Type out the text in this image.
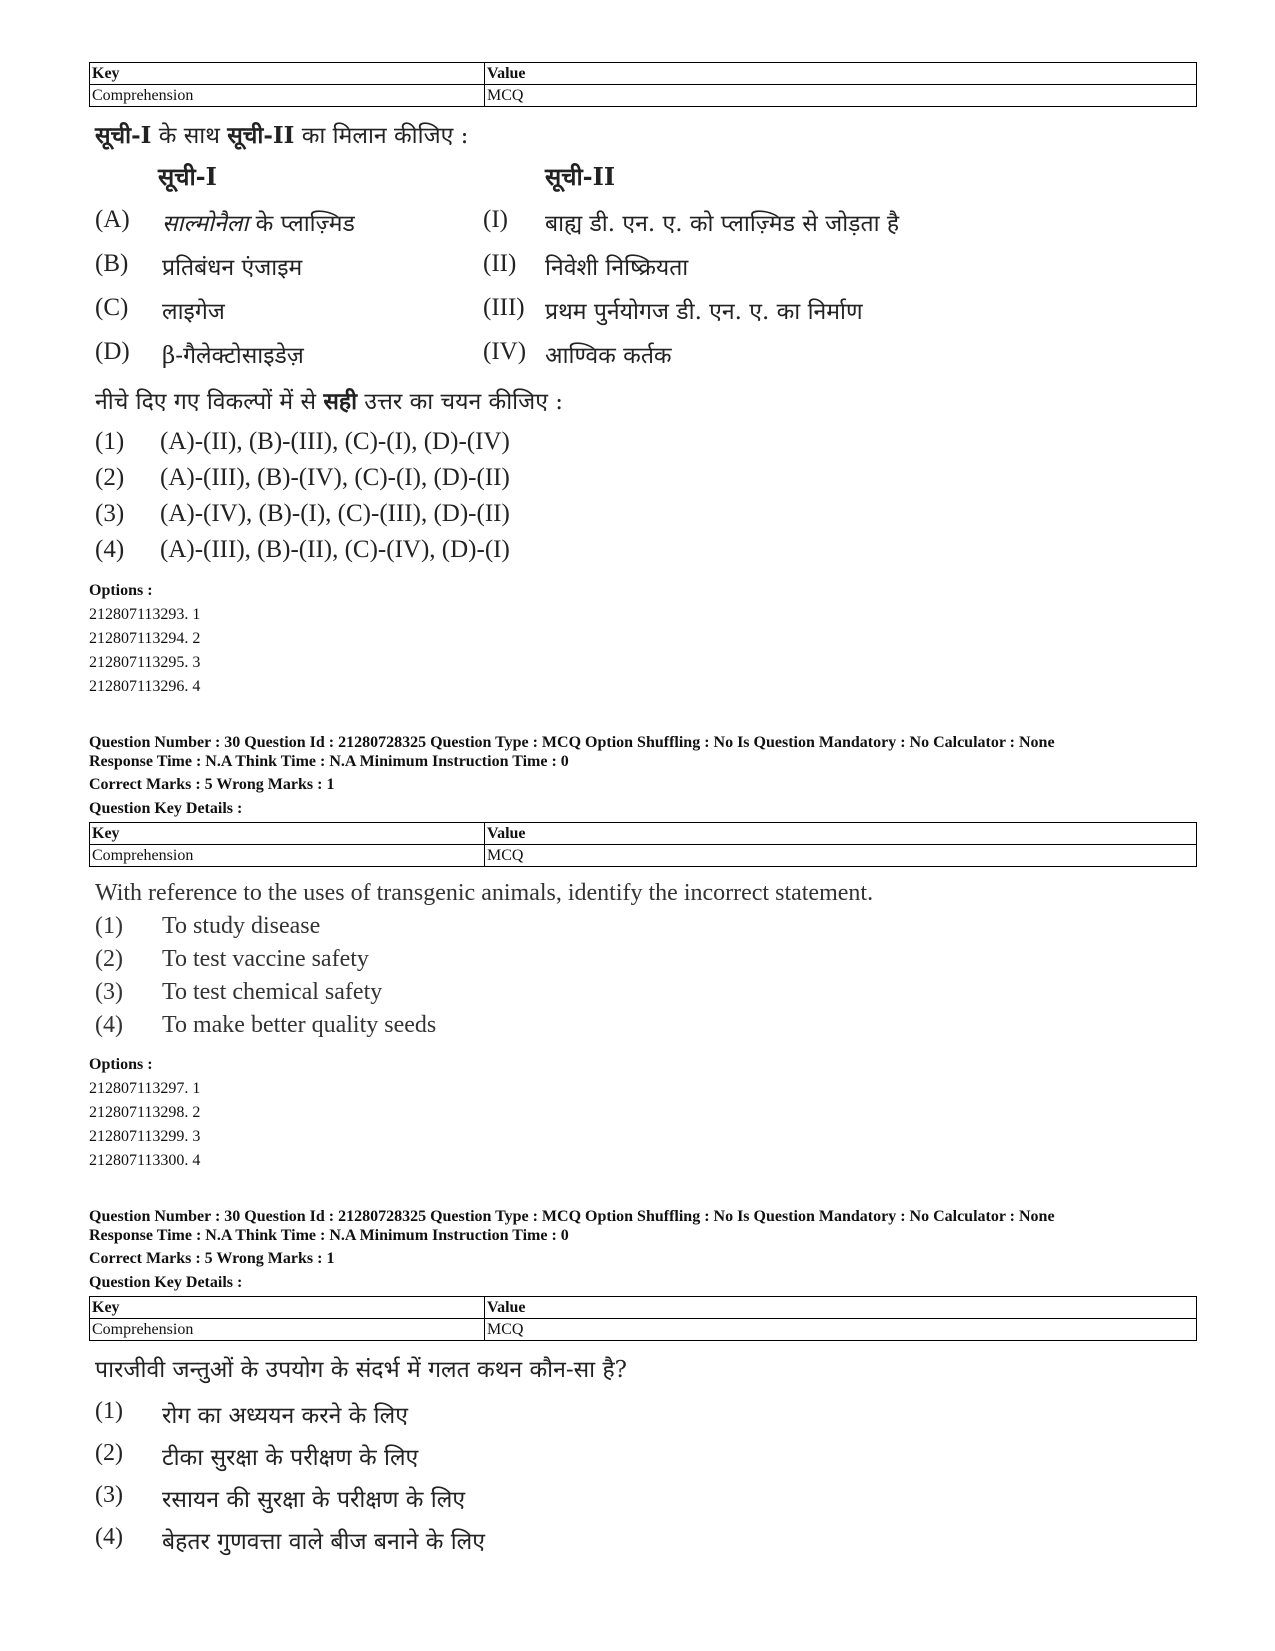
Key	Value
Comprehension	MCQ
सूची-I के साथ सूची-II का मिलान कीजिए :
सूची-I	सूची-II
(A) साल्मोनैला के प्लाज़्मिड	(I) बाह्य डी. एन. ए. को प्लाज़्मिड से जोड़ता है
(B) प्रतिबंधन एंजाइम	(II) निवेशी निष्क्रियता
(C) लाइगेज	(III) प्रथम पुर्नयोगज डी. एन. ए. का निर्माण
(D) β-गैलेक्टोसाइडेज़	(IV) आण्विक कर्तक
नीचे दिए गए विकल्पों में से सही उत्तर का चयन कीजिए :
(1) (A)-(II), (B)-(III), (C)-(I), (D)-(IV)
(2) (A)-(III), (B)-(IV), (C)-(I), (D)-(II)
(3) (A)-(IV), (B)-(I), (C)-(III), (D)-(II)
(4) (A)-(III), (B)-(II), (C)-(IV), (D)-(I)
Options :
212807113293. 1
212807113294. 2
212807113295. 3
212807113296. 4
Question Number : 30 Question Id : 21280728325 Question Type : MCQ Option Shuffling : No Is Question Mandatory : No Calculator : None
Response Time : N.A Think Time : N.A Minimum Instruction Time : 0
Correct Marks : 5 Wrong Marks : 1
Question Key Details :
Key	Value
Comprehension	MCQ
With reference to the uses of transgenic animals, identify the incorrect statement.
(1) To study disease
(2) To test vaccine safety
(3) To test chemical safety
(4) To make better quality seeds
Options :
212807113297. 1
212807113298. 2
212807113299. 3
212807113300. 4
Question Number : 30 Question Id : 21280728325 Question Type : MCQ Option Shuffling : No Is Question Mandatory : No Calculator : None
Response Time : N.A Think Time : N.A Minimum Instruction Time : 0
Correct Marks : 5 Wrong Marks : 1
Question Key Details :
Key	Value
Comprehension	MCQ
पारजीवी जन्तुओं के उपयोग के संदर्भ में गलत कथन कौन-सा है?
(1) रोग का अध्ययन करने के लिए
(2) टीका सुरक्षा के परीक्षण के लिए
(3) रसायन की सुरक्षा के परीक्षण के लिए
(4) बेहतर गुणवत्ता वाले बीज बनाने के लिए
